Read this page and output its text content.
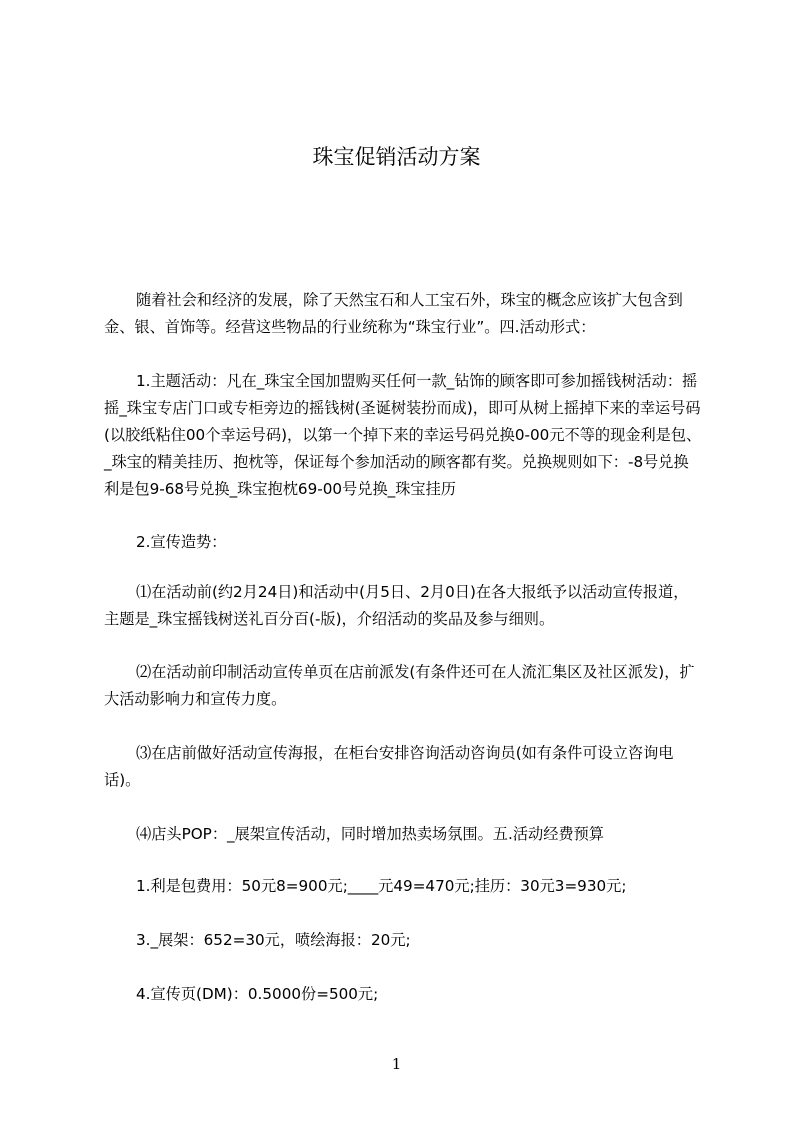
珠宝促销活动方案

随着社会和经济的发展，除了天然宝石和人工宝石外，珠宝的概念应该扩大包含到金、银、首饰等。经营这些物品的行业统称为“珠宝行业”。四.活动形式：

1.主题活动：凡在_珠宝全国加盟购买任何一款_钻饰的顾客即可参加摇钱树活动：摇摇_珠宝专店门口或专柜旁边的摇钱树(圣诞树装扮而成)，即可从树上摇掉下来的幸运号码(以胶纸粘住00个幸运号码)，以第一个掉下来的幸运号码兑换0-00元不等的现金利是包、_珠宝的精美挂历、抱枕等，保证每个参加活动的顾客都有奖。兑换规则如下：-8号兑换利是包9-68号兑换_珠宝抱枕69-00号兑换_珠宝挂历

2.宣传造势：

⑴在活动前(约2月24日)和活动中(月5日、2月0日)在各大报纸予以活动宣传报道，主题是_珠宝摇钱树送礼百分百(-版)，介绍活动的奖品及参与细则。

⑵在活动前印制活动宣传单页在店前派发(有条件还可在人流汇集区及社区派发)，扩大活动影响力和宣传力度。

⑶在店前做好活动宣传海报，在柜台安排咨询活动咨询员(如有条件可设立咨询电话)。

⑷店头POP：_展架宣传活动，同时增加热卖场氛围。五.活动经费预算

1.利是包费用：50元8=900元;____元49=470元;挂历：30元3=930元;

3._展架：652=30元，喷绘海报：20元;

4.宣传页(DM)：0.5000份=500元;

1
